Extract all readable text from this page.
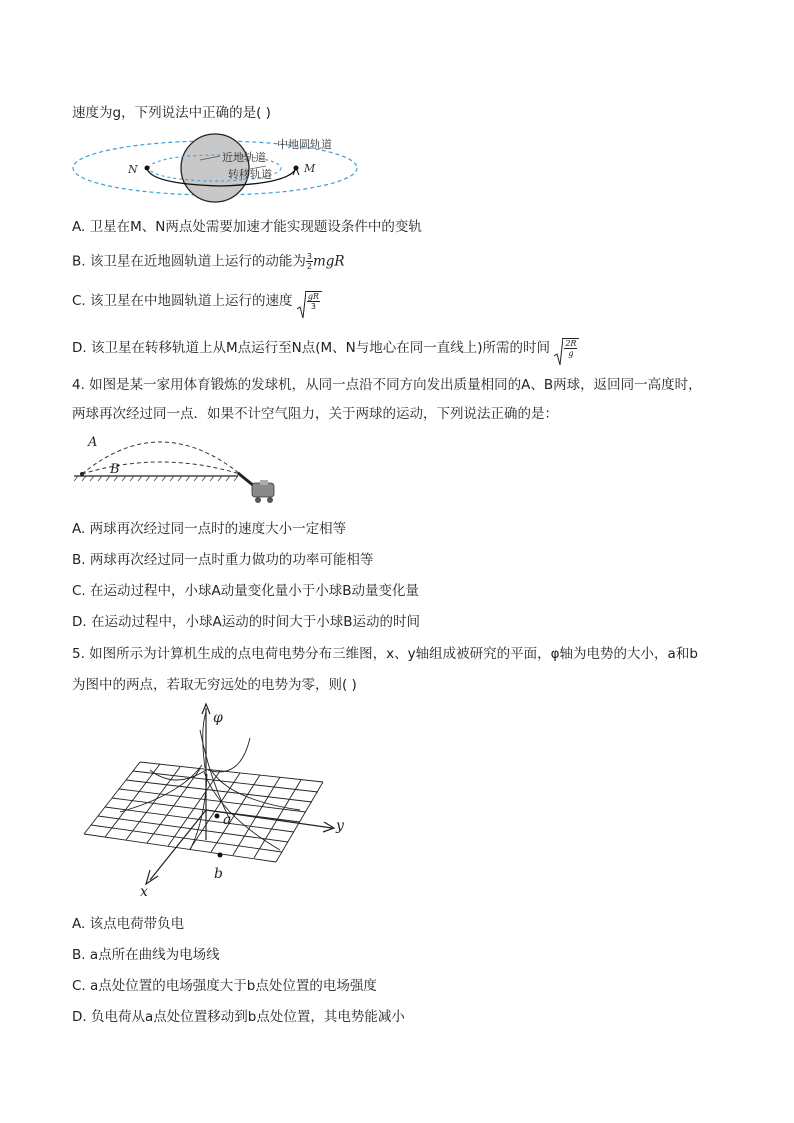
速度为g，下列说法中正确的是( )
中地圆轨道
近地轨道
转移轨道
N	M
A. 卫星在M、N两点处需要加速才能实现题设条件中的变轨
B. 该卫星在近地圆轨道上运行的动能为 $\frac{3}{2}$ mgR
C. 该卫星在中地圆轨道上运行的速度 $\frac{gR}{3}$
D. 该卫星在转移轨道上从M点运行至N点(M、N与地心在同一直线上)所需的时间 $\frac{2R}{g}$
4. 如图是某一家用体育锻炼的发球机，从同一点沿不同方向发出质量相同的A、B两球，返回同一高度时，
两球再次经过同一点．如果不计空气阻力，关于两球的运动，下列说法正确的是：
A
B
A. 两球再次经过同一点时的速度大小一定相等
B. 两球再次经过同一点时重力做功的功率可能相等
C. 在运动过程中，小球A动量变化量小于小球B动量变化量
D. 在运动过程中，小球A运动的时间大于小球B运动的时间
5. 如图所示为计算机生成的点电荷电势分布三维图，x、y轴组成被研究的平面，φ轴为电势的大小，a和b
为图中的两点，若取无穷远处的电势为零，则( )
φ
y
x
a
b
A. 该点电荷带负电
B. a点所在曲线为电场线
C. a点处位置的电场强度大于b点处位置的电场强度
D. 负电荷从a点处位置移动到b点处位置，其电势能减小
